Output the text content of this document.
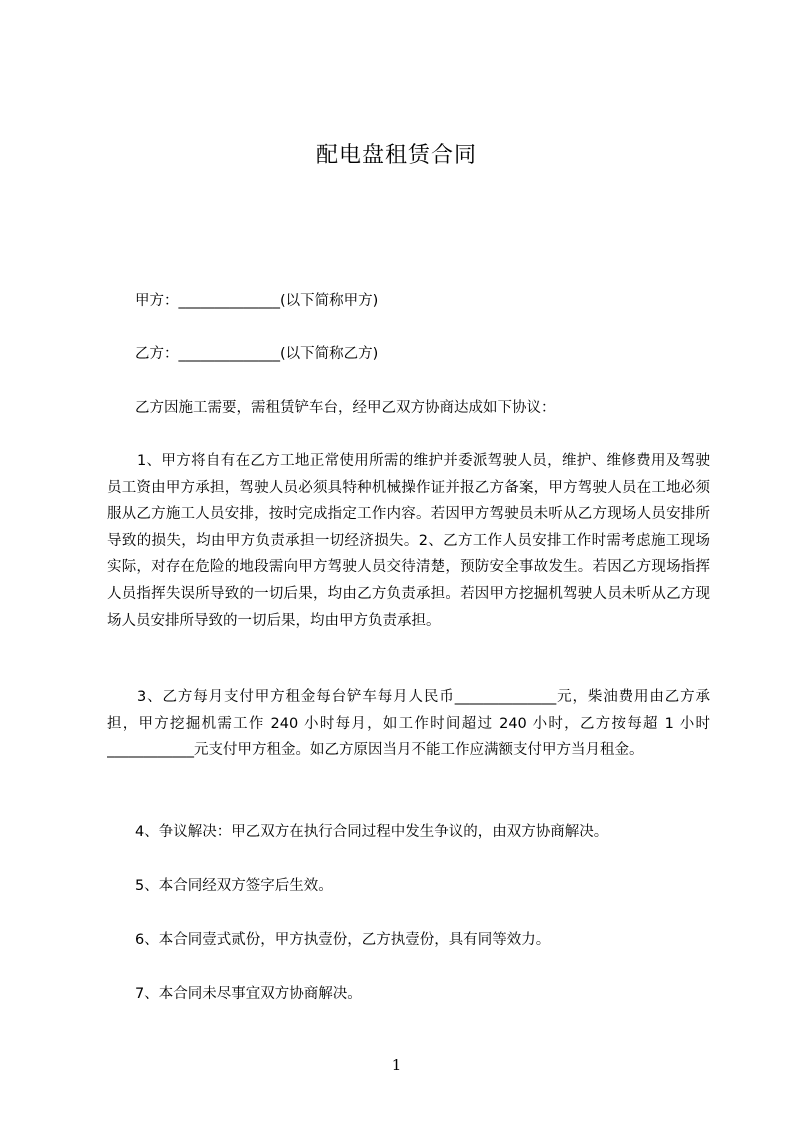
配电盘租赁合同
甲方：______________(以下简称甲方)
乙方：______________(以下简称乙方)
乙方因施工需要，需租赁铲车台，经甲乙双方协商达成如下协议：
1、甲方将自有在乙方工地正常使用所需的维护并委派驾驶人员，维护、维修费用及驾驶员工资由甲方承担，驾驶人员必须具特种机械操作证并报乙方备案，甲方驾驶人员在工地必须服从乙方施工人员安排，按时完成指定工作内容。若因甲方驾驶员未听从乙方现场人员安排所导致的损失，均由甲方负责承担一切经济损失。2、乙方工作人员安排工作时需考虑施工现场实际，对存在危险的地段需向甲方驾驶人员交待清楚，预防安全事故发生。若因乙方现场指挥人员指挥失误所导致的一切后果，均由乙方负责承担。若因甲方挖掘机驾驶人员未听从乙方现场人员安排所导致的一切后果，均由甲方负责承担。
3、乙方每月支付甲方租金每台铲车每月人民币______________元，柴油费用由乙方承担，甲方挖掘机需工作 240 小时每月，如工作时间超过 240 小时，乙方按每超 1 小时____________元支付甲方租金。如乙方原因当月不能工作应满额支付甲方当月租金。
4、争议解决：甲乙双方在执行合同过程中发生争议的，由双方协商解决。
5、本合同经双方签字后生效。
6、本合同壹式贰份，甲方执壹份，乙方执壹份，具有同等效力。
7、本合同未尽事宜双方协商解决。
1
